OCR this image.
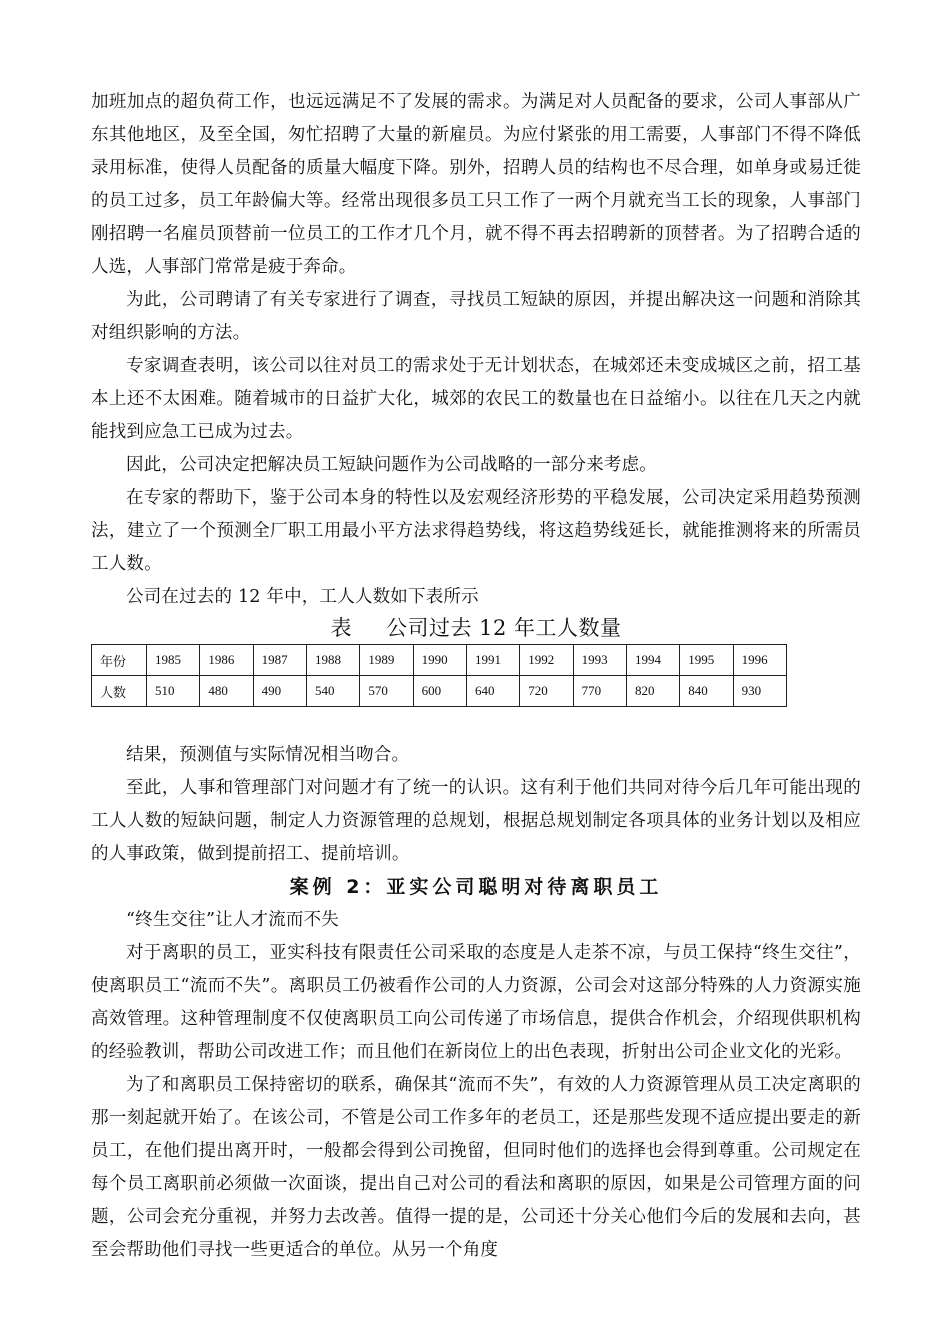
加班加点的超负荷工作，也远远满足不了发展的需求。为满足对人员配备的要求，公司人事部从广东其他地区，及至全国，匆忙招聘了大量的新雇员。为应付紧张的用工需要，人事部门不得不降低录用标准，使得人员配备的质量大幅度下降。别外，招聘人员的结构也不尽合理，如单身或易迁徙的员工过多，员工年龄偏大等。经常出现很多员工只工作了一两个月就充当工长的现象，人事部门刚招聘一名雇员顶替前一位员工的工作才几个月，就不得不再去招聘新的顶替者。为了招聘合适的人选，人事部门常常是疲于奔命。

为此，公司聘请了有关专家进行了调查，寻找员工短缺的原因，并提出解决这一问题和消除其对组织影响的方法。

专家调查表明，该公司以往对员工的需求处于无计划状态，在城郊还未变成城区之前，招工基本上还不太困难。随着城市的日益扩大化，城郊的农民工的数量也在日益缩小。以往在几天之内就能找到应急工已成为过去。

因此，公司决定把解决员工短缺问题作为公司战略的一部分来考虑。

在专家的帮助下，鉴于公司本身的特性以及宏观经济形势的平稳发展，公司决定采用趋势预测法，建立了一个预测全厂职工用最小平方法求得趋势线，将这趋势线延长，就能推测将来的所需员工人数。

公司在过去的 12 年中，工人人数如下表所示

表 公司过去 12 年工人数量
年份	1985	1986	1987	1988	1989	1990	1991	1992	1993	1994	1995	1996
人数	510	480	490	540	570	600	640	720	770	820	840	930

结果，预测值与实际情况相当吻合。

至此，人事和管理部门对问题才有了统一的认识。这有利于他们共同对待今后几年可能出现的工人人数的短缺问题，制定人力资源管理的总规划，根据总规划制定各项具体的业务计划以及相应的人事政策，做到提前招工、提前培训。

案例 2：亚实公司聪明对待离职员工

“终生交往”让人才流而不失

对于离职的员工，亚实科技有限责任公司采取的态度是人走茶不凉，与员工保持“终生交往”，使离职员工“流而不失”。离职员工仍被看作公司的人力资源，公司会对这部分特殊的人力资源实施高效管理。这种管理制度不仅使离职员工向公司传递了市场信息，提供合作机会，介绍现供职机构的经验教训，帮助公司改进工作；而且他们在新岗位上的出色表现，折射出公司企业文化的光彩。

为了和离职员工保持密切的联系，确保其“流而不失”，有效的人力资源管理从员工决定离职的那一刻起就开始了。在该公司，不管是公司工作多年的老员工，还是那些发现不适应提出要走的新员工，在他们提出离开时，一般都会得到公司挽留，但同时他们的选择也会得到尊重。公司规定在每个员工离职前必须做一次面谈，提出自己对公司的看法和离职的原因，如果是公司管理方面的问题，公司会充分重视，并努力去改善。值得一提的是，公司还十分关心他们今后的发展和去向，甚至会帮助他们寻找一些更适合的单位。从另一个角度
